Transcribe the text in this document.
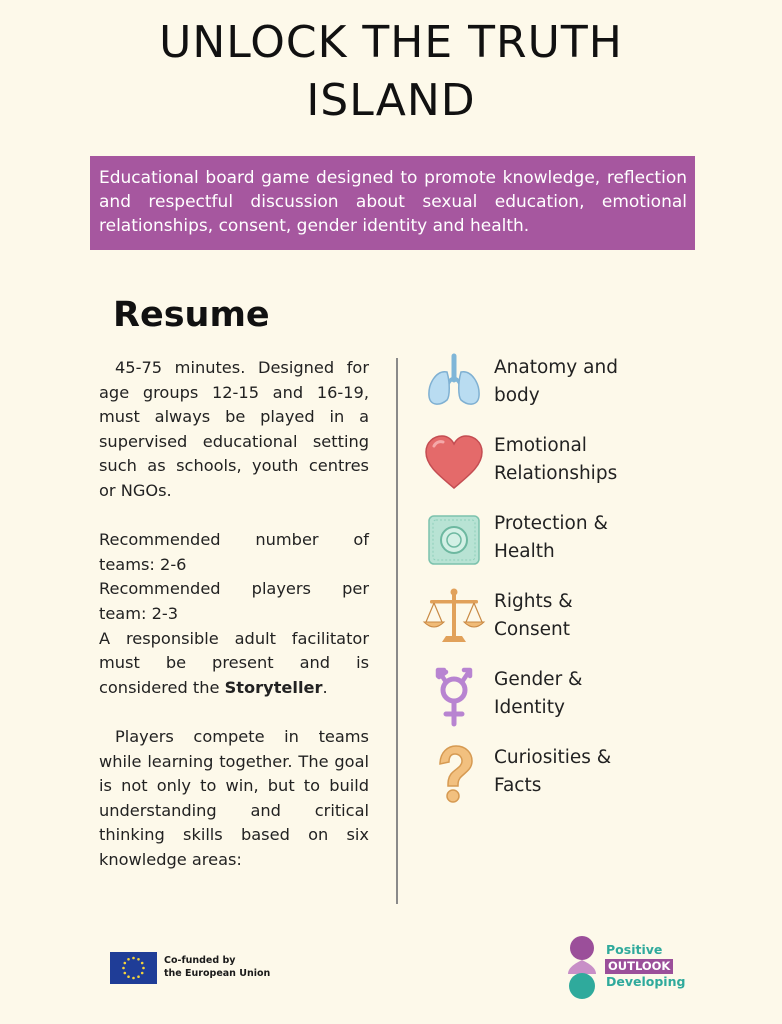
UNLOCK THE TRUTH
ISLAND
Educational board game designed to promote knowledge, reflection and respectful discussion about sexual education, emotional relationships, consent, gender identity and health.
Resume

45-75 minutes. Designed for age groups 12-15 and 16-19, must always be played in a supervised educational setting such as schools, youth centres or NGOs.

Recommended number of teams: 2-6
Recommended players per team: 2-3
A responsible adult facilitator must be present and is considered the Storyteller.

Players compete in teams while learning together. The goal is not only to win, but to build understanding and critical thinking skills based on six knowledge areas:

Anatomy and
body
Emotional
Relationships
Protection &
Health
Rights &
Consent
Gender &
Identity
Curiosities &
Facts
Co-funded by
the European Union
Positive
OUTLOOK
Developing
